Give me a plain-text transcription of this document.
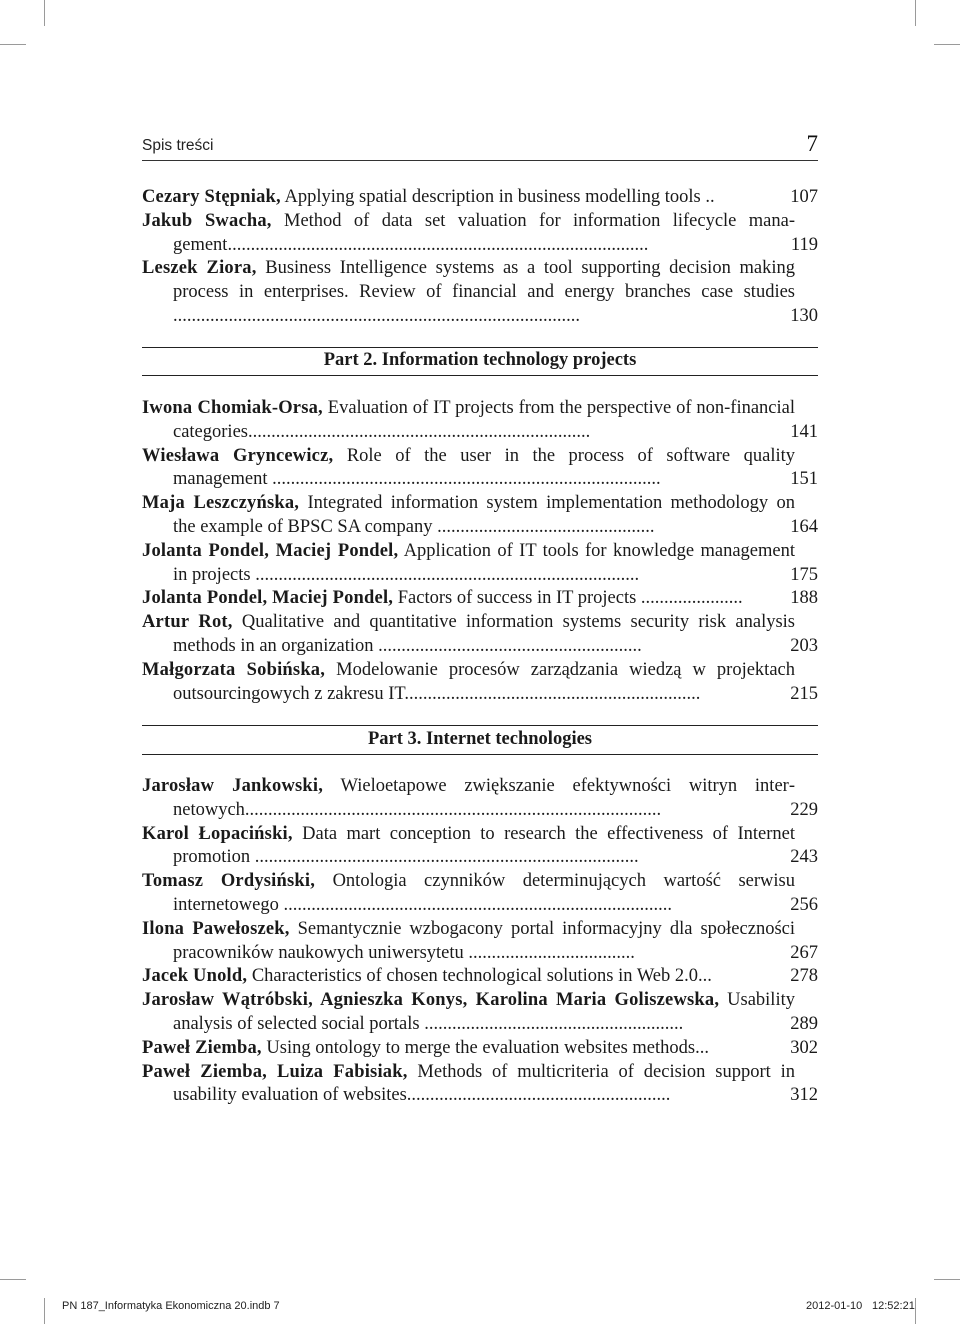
Spis treści	7
Cezary Stępniak, Applying spatial description in business modelling tools ..	107
Jakub Swacha, Method of data set valuation for information lifecycle management...........................................................................................	119
Leszek Ziora, Business Intelligence systems as a tool supporting decision making process in enterprises. Review of financial and energy branches case studies ........................................................................................	130
Part 2. Information technology projects
Iwona Chomiak-Orsa, Evaluation of IT projects from the perspective of non-financial categories..........................................................................	141
Wiesława Gryncewicz, Role of the user in the process of software quality management ....................................................................................	151
Maja Leszczyńska, Integrated information system implementation methodology on the example of BPSC SA company ...............................................	164
Jolanta Pondel, Maciej Pondel, Application of IT tools for knowledge management in projects ...................................................................................	175
Jolanta Pondel, Maciej Pondel, Factors of success in IT projects ......................	188
Artur Rot, Qualitative and quantitative information systems security risk analysis methods in an organization .........................................................	203
Małgorzata Sobińska, Modelowanie procesów zarządzania wiedzą w projektach outsourcingowych z zakresu IT................................................................	215
Part 3. Internet technologies
Jarosław Jankowski, Wieloetapowe zwiększanie efektywności witryn internetowych..........................................................................................	229
Karol Łopaciński, Data mart conception to research the effectiveness of Internet promotion ...................................................................................	243
Tomasz Ordysiński, Ontologia czynników determinujących wartość serwisu internetowego ....................................................................................	256
Ilona Pawełoszek, Semantycznie wzbogacony portal informacyjny dla społeczności pracowników naukowych uniwersytetu ....................................	267
Jacek Unold, Characteristics of chosen technological solutions in Web 2.0...	278
Jarosław Wątróbski, Agnieszka Konys, Karolina Maria Goliszewska, Usability analysis of selected social portals ........................................................	289
Paweł Ziemba, Using ontology to merge the evaluation websites methods...	302
Paweł Ziemba, Luiza Fabisiak, Methods of multicriteria of decision support in usability evaluation of websites.........................................................	312
PN 187_Informatyka Ekonomiczna 20.indb 7	2012-01-10 12:52:21
